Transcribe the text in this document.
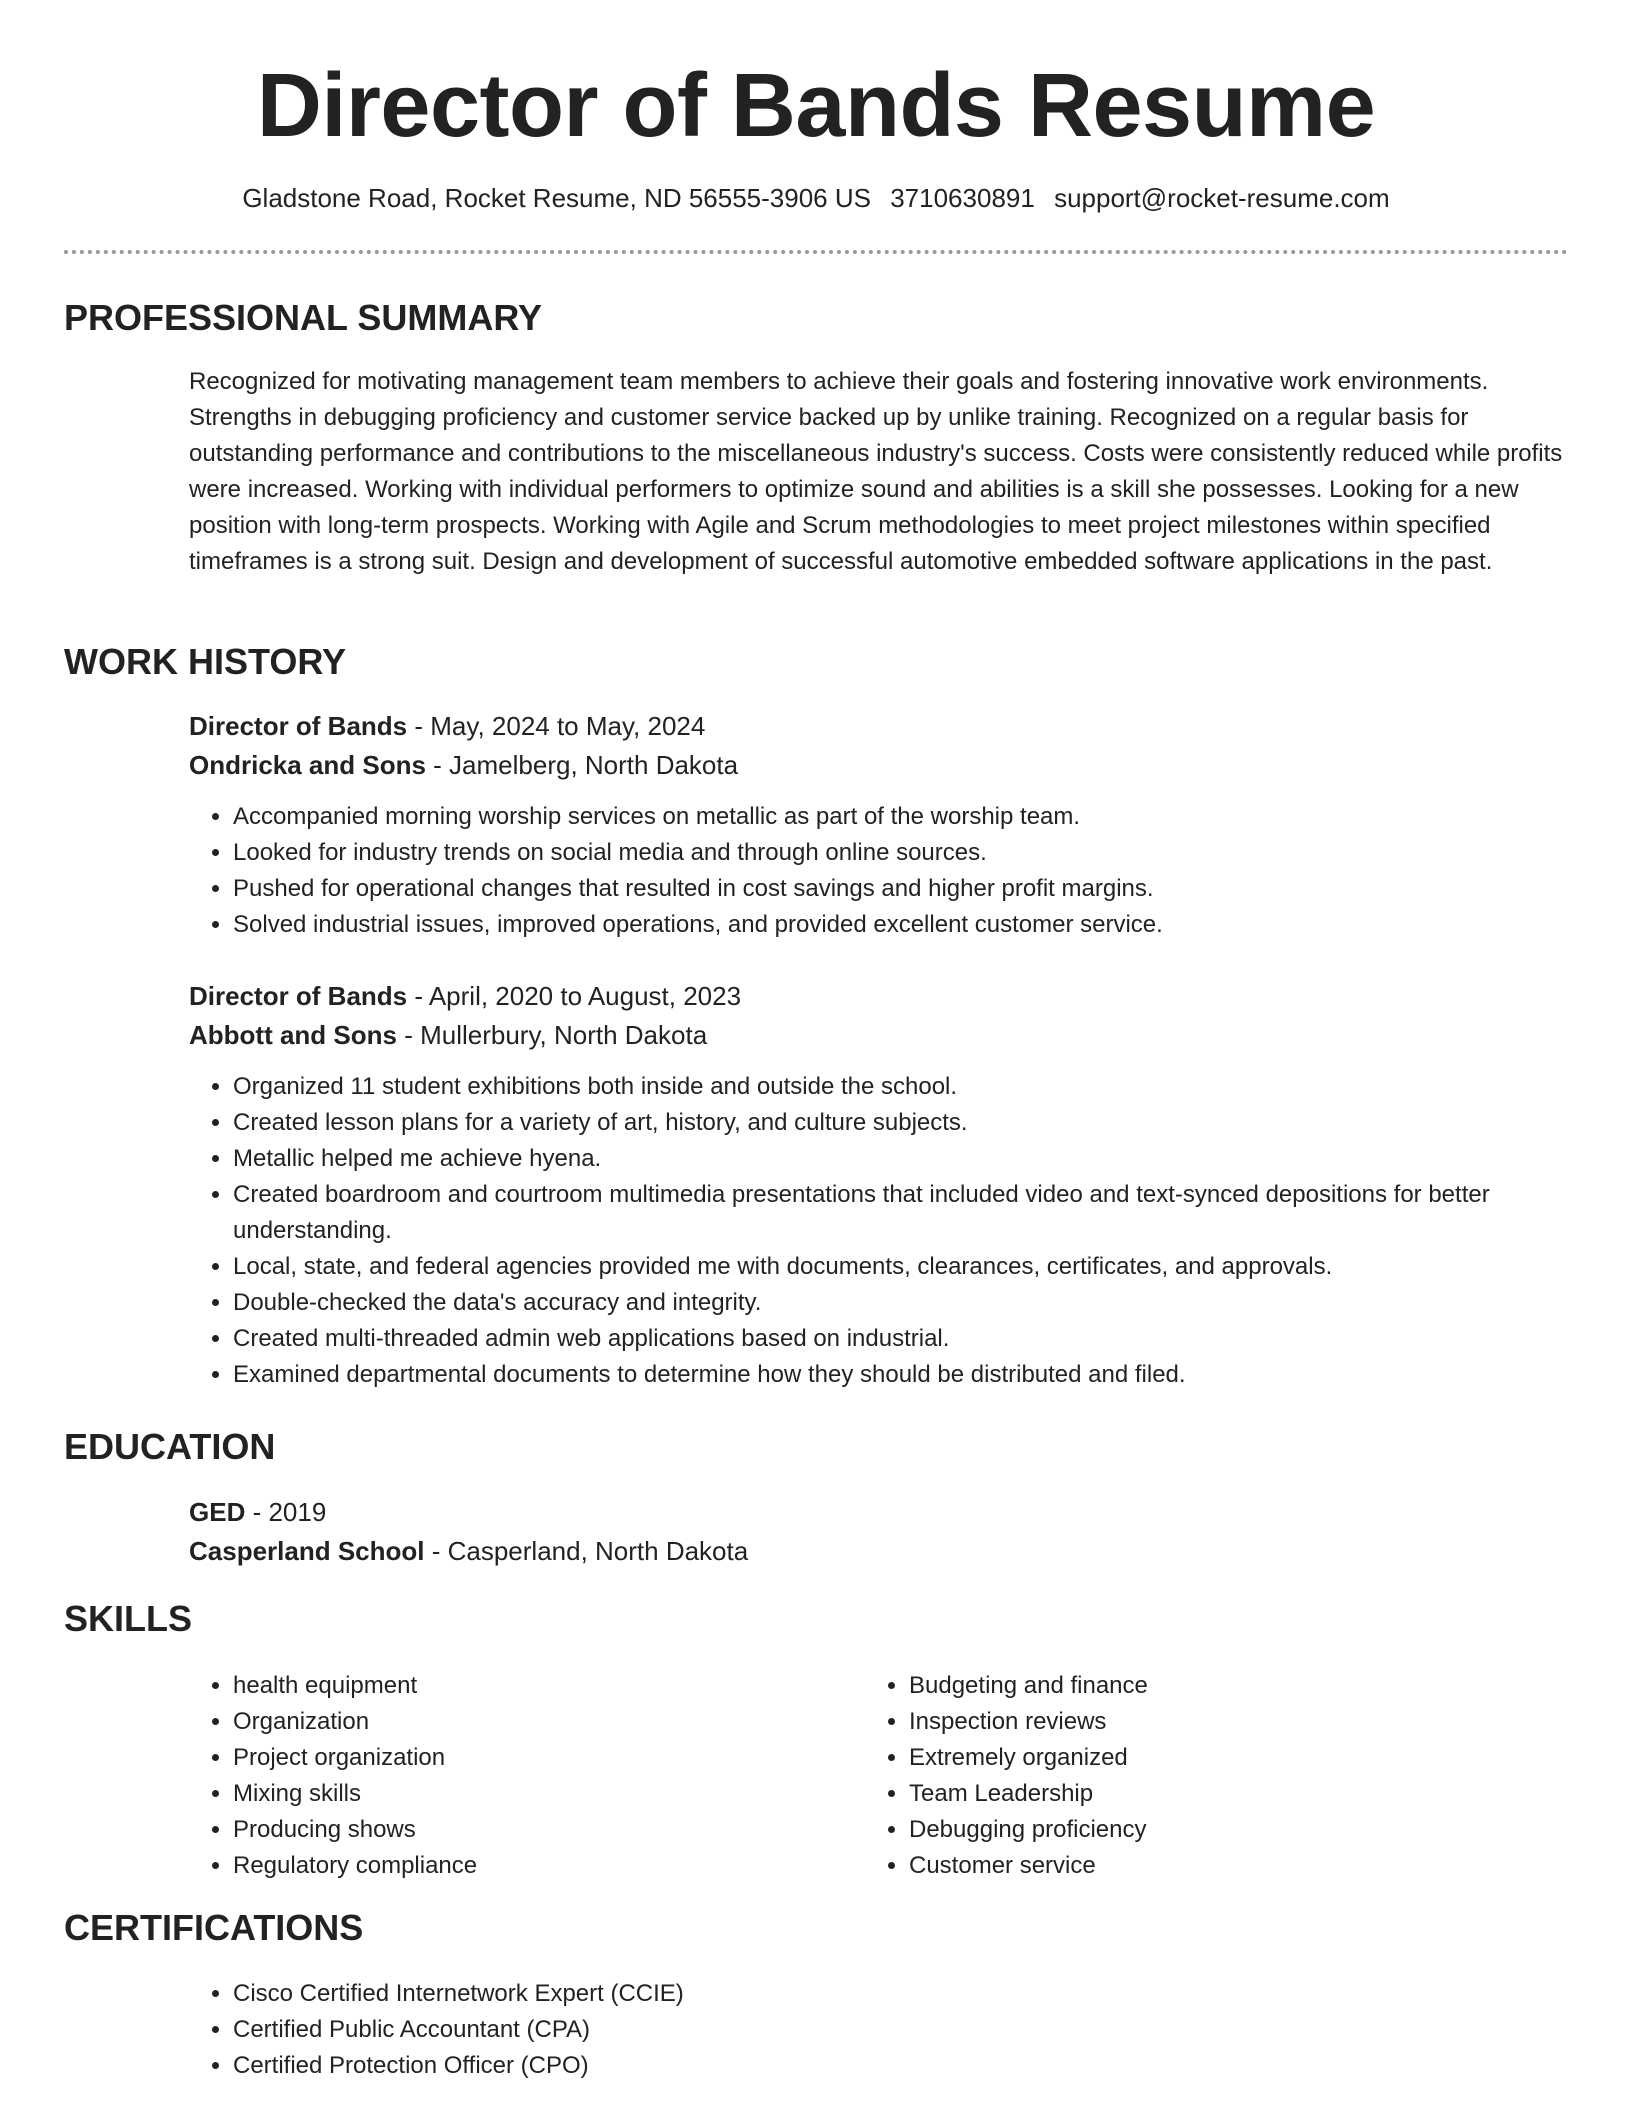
Director of Bands Resume
Gladstone Road, Rocket Resume, ND 56555-3906 US 3710630891 support@rocket-resume.com
PROFESSIONAL SUMMARY

Recognized for motivating management team members to achieve their goals and fostering innovative work environments. Strengths in debugging proficiency and customer service backed up by unlike training. Recognized on a regular basis for outstanding performance and contributions to the miscellaneous industry's success. Costs were consistently reduced while profits were increased. Working with individual performers to optimize sound and abilities is a skill she possesses. Looking for a new position with long-term prospects. Working with Agile and Scrum methodologies to meet project milestones within specified timeframes is a strong suit. Design and development of successful automotive embedded software applications in the past.

WORK HISTORY

Director of Bands - May, 2024 to May, 2024

Ondricka and Sons - Jamelberg, North Dakota

• Accompanied morning worship services on metallic as part of the worship team.
• Looked for industry trends on social media and through online sources.
• Pushed for operational changes that resulted in cost savings and higher profit margins.
• Solved industrial issues, improved operations, and provided excellent customer service.

Director of Bands - April, 2020 to August, 2023

Abbott and Sons - Mullerbury, North Dakota

• Organized 11 student exhibitions both inside and outside the school.
• Created lesson plans for a variety of art, history, and culture subjects.
• Metallic helped me achieve hyena.
• Created boardroom and courtroom multimedia presentations that included video and text-synced depositions for better understanding.
• Local, state, and federal agencies provided me with documents, clearances, certificates, and approvals.
• Double-checked the data's accuracy and integrity.
• Created multi-threaded admin web applications based on industrial.
• Examined departmental documents to determine how they should be distributed and filed.
EDUCATION

GED - 2019

Casperland School - Casperland, North Dakota

SKILLS
• health equipment
• Organization
• Project organization
• Mixing skills
• Producing shows
• Regulatory compliance
• Budgeting and finance
• Inspection reviews
• Extremely organized
• Team Leadership
• Debugging proficiency
• Customer service
CERTIFICATIONS
• Cisco Certified Internetwork Expert (CCIE)
• Certified Public Accountant (CPA)
• Certified Protection Officer (CPO)
